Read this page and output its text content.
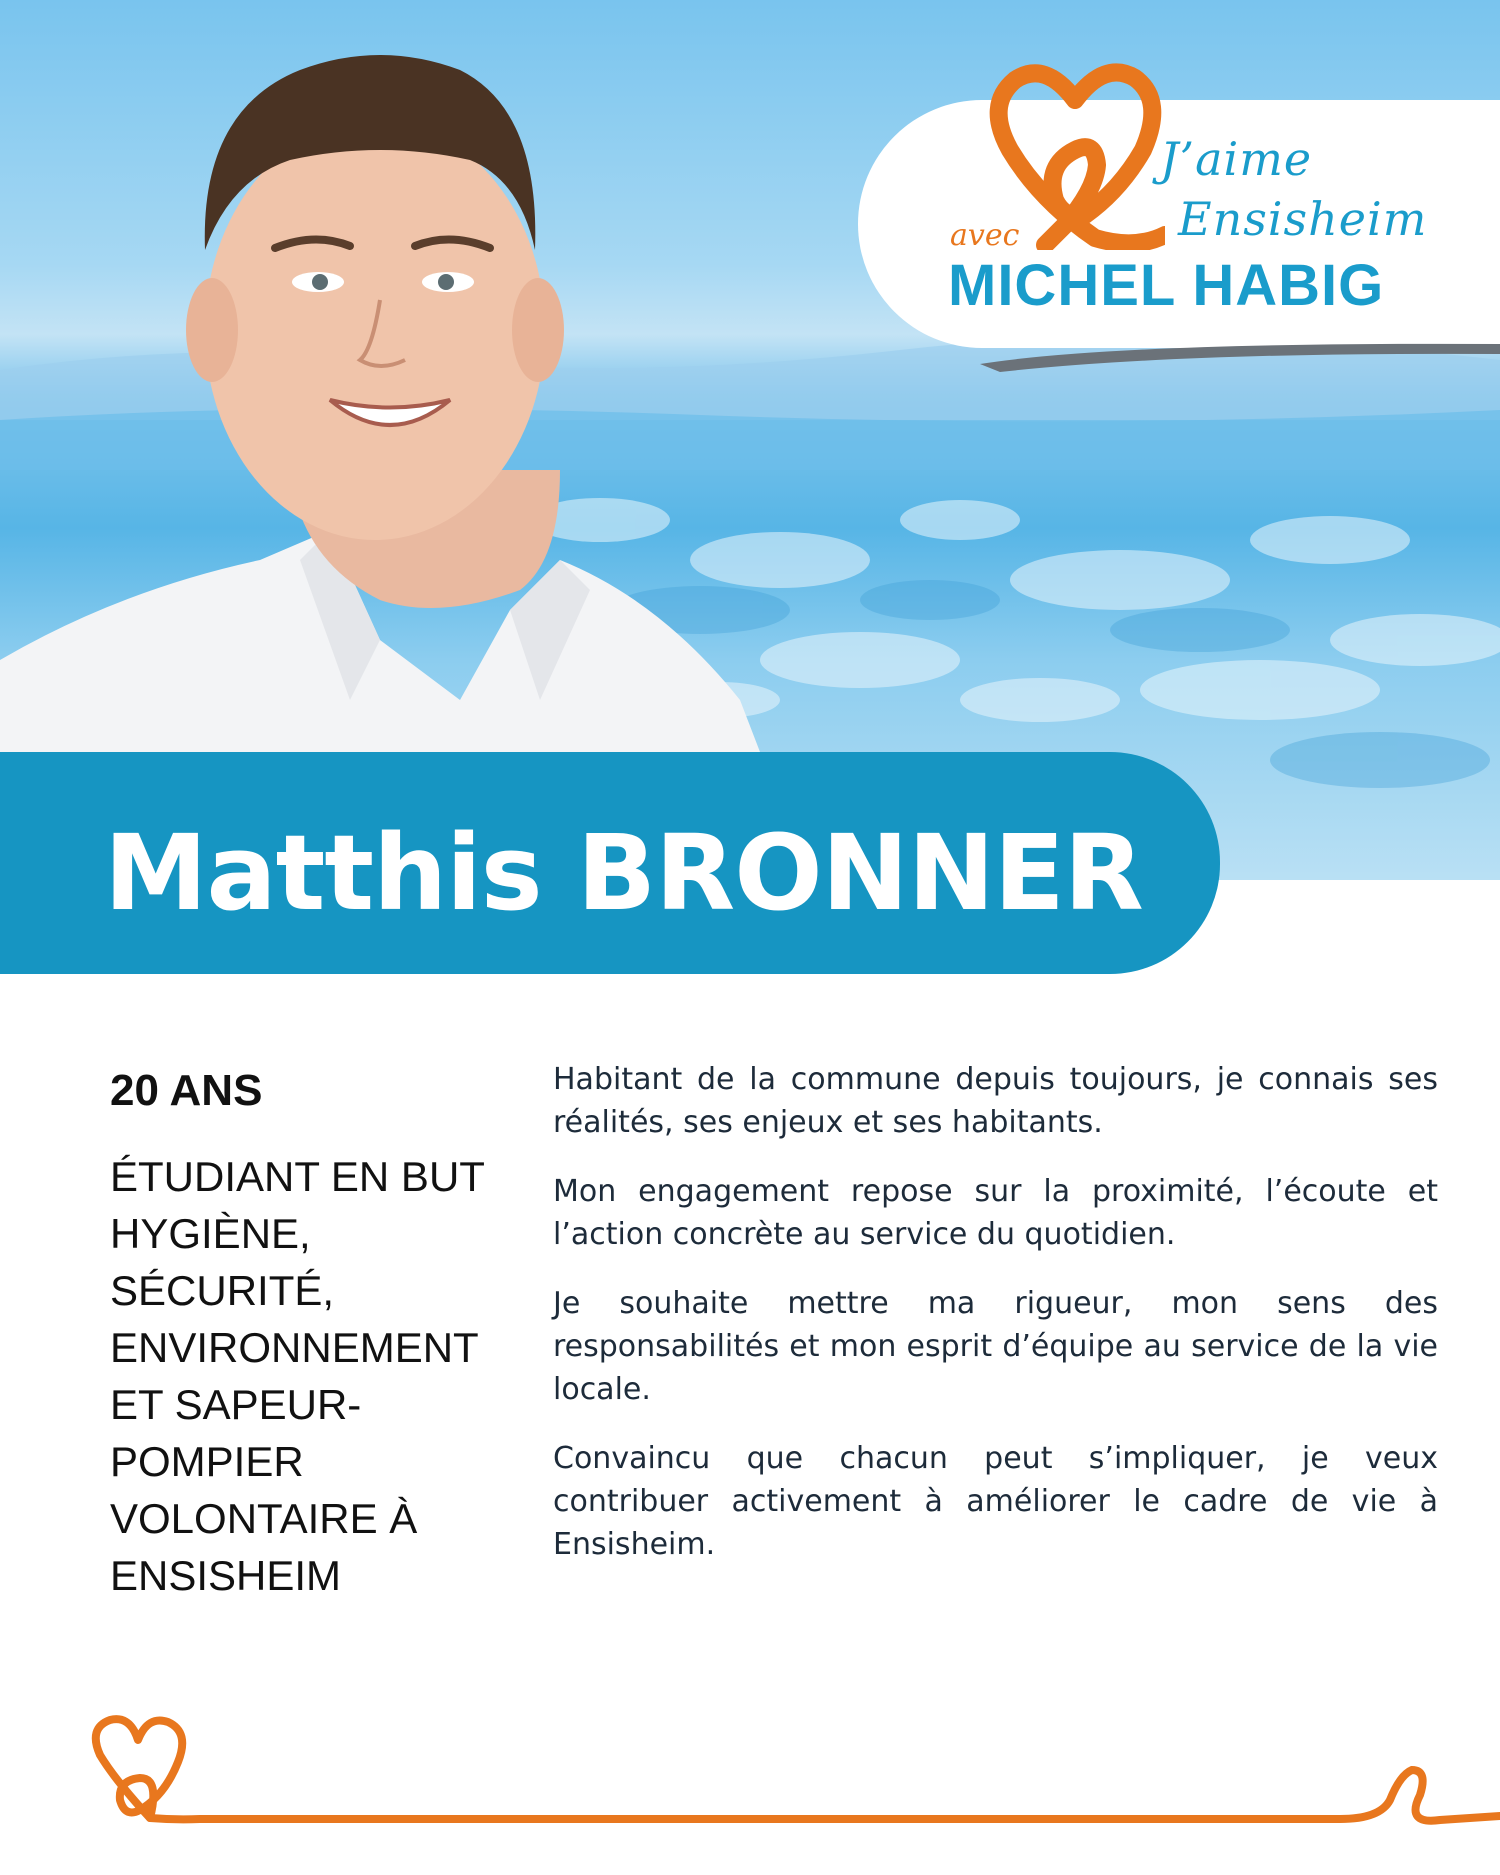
J’aime
Ensisheim
avec
MICHEL HABIG
Matthis BRONNER
20 ANS
ÉTUDIANT EN BUT HYGIÈNE, SÉCURITÉ, ENVIRONNEMENT ET SAPEUR-POMPIER VOLONTAIRE À ENSISHEIM

Habitant de la commune depuis toujours, je connais ses réalités, ses enjeux et ses habitants.

Mon engagement repose sur la proximité, l’écoute et l’action concrète au service du quotidien.

Je souhaite mettre ma rigueur, mon sens des responsabilités et mon esprit d’équipe au service de la vie locale.

Convaincu que chacun peut s’impliquer, je veux contribuer activement à améliorer le cadre de vie à Ensisheim.
